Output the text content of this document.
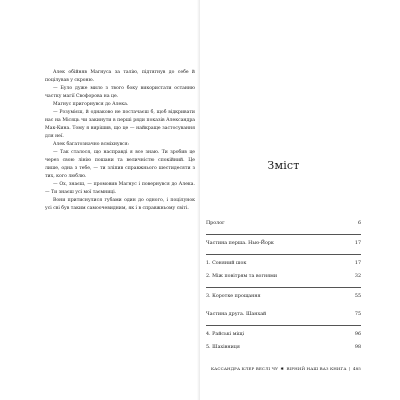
Алек обійняв Магнуса за талію, підтягнув до себе й поцілував у скроню.

— Було дуже мило з твого боку використати останню частку магії Свофорова на це.

Магнус пригорнувся до Алека.

— Розумієш, й однаково не постачаєш б, щоб відкривати нас на Місяць чи закинути в перші ряди показів Александра Мак-Кина. Тому я вирішив, що це — найкраще застосування для неї.

Алек багатозначно всміхнувся:

— Так сталося, що насправді я все знаю. Ти зробив це через свою лінію пошани та величністю спокійний. Це лише, одна з тебе, — ти зліпив справжнього шестидесяти з тих, кого люблю.

— Ох, знаєш, — промовив Магнус і повернувся до Алека. — Ти знаєш усі мої таємниці.

Вони притиснулися губами один до одного, і поцілунок усі сві був таким самоочевидним, як і в справжньому світі.

Зміст
Пролог	6
Частина перша. Нью-Йорк	17
1. Соняний шок	17
2. Між повітрям та вогнями	32
3. Коротке прощання	55
Частина друга. Шанхай	75
4. Райські міщі	96
5. Шахівниця	98
КАССАНДРА КЛЕР ВЕСЛІ ЧУ ✱ ВІРНИЙ НАШ ВАЗ КНИГА | 485
